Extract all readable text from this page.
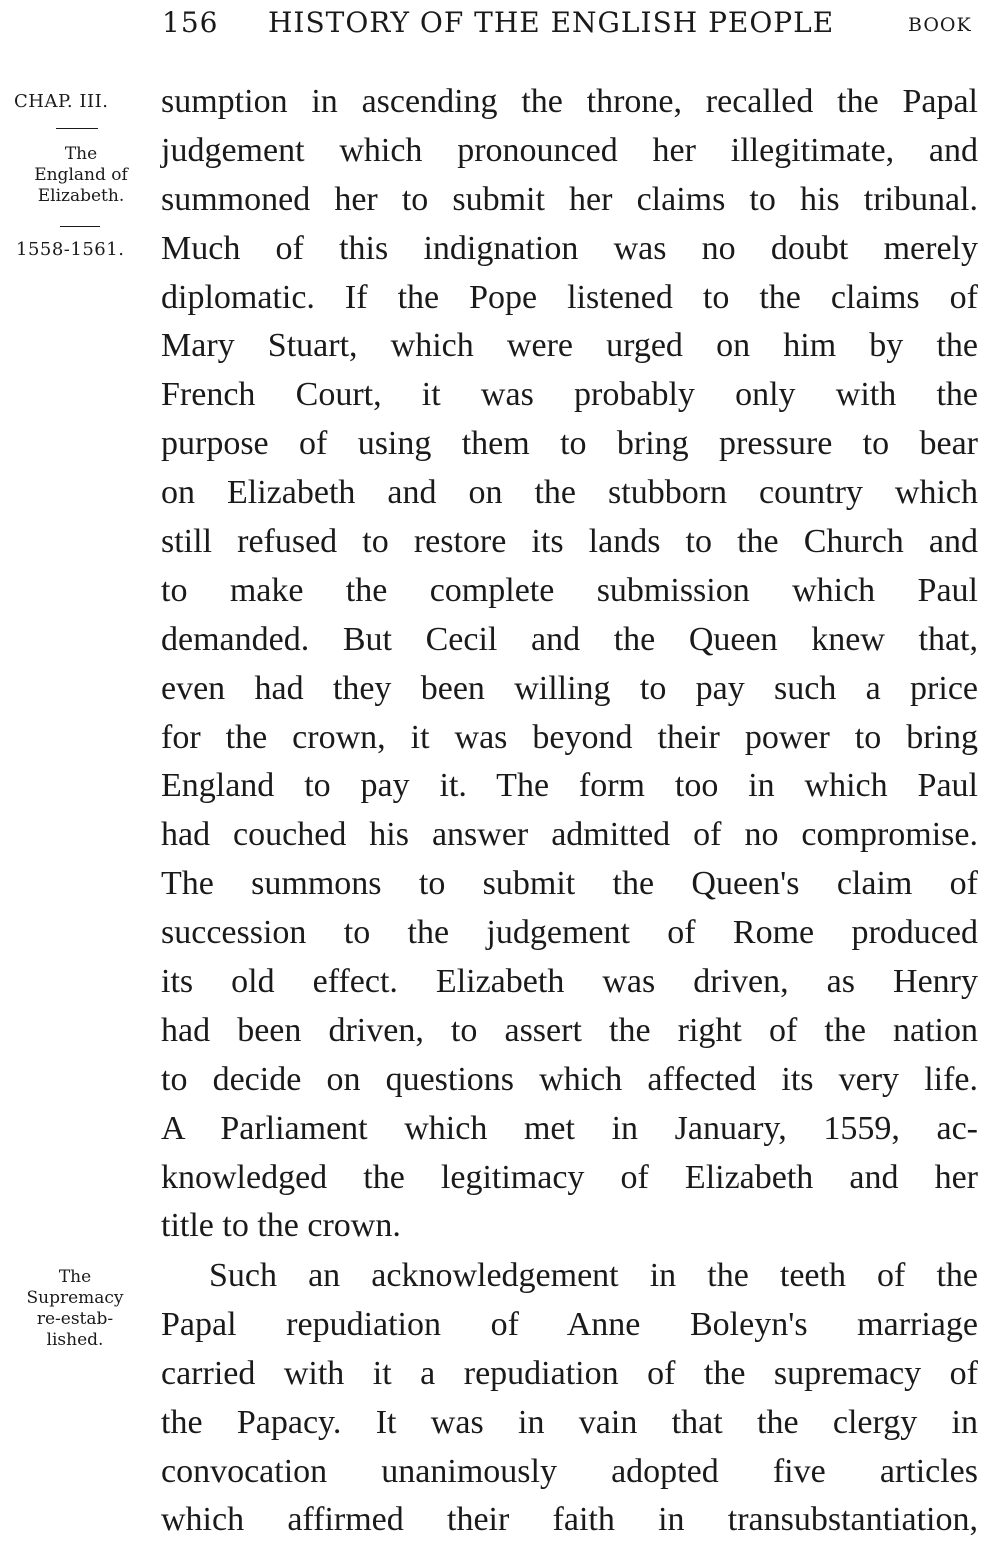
156 HISTORY OF THE ENGLISH PEOPLE	BOOK
CHAP. III.
The
England of
Elizabeth.
1558-1561.
The
Supremacy
re-estab-
lished.
sumption in ascending the throne, recalled the Papal
judgement which pronounced her illegitimate, and
summoned her to submit her claims to his tribunal.
Much of this indignation was no doubt merely
diplomatic. If the Pope listened to the claims of
Mary Stuart, which were urged on him by the
French Court, it was probably only with the
purpose of using them to bring pressure to bear
on Elizabeth and on the stubborn country which
still refused to restore its lands to the Church and
to make the complete submission which Paul
demanded. But Cecil and the Queen knew that,
even had they been willing to pay such a price
for the crown, it was beyond their power to bring
England to pay it. The form too in which Paul
had couched his answer admitted of no compromise.
The summons to submit the Queen's claim of
succession to the judgement of Rome produced
its old effect. Elizabeth was driven, as Henry
had been driven, to assert the right of the nation
to decide on questions which affected its very life.
A Parliament which met in January, 1559, ac-
knowledged the legitimacy of Elizabeth and her
title to the crown.
Such an acknowledgement in the teeth of the
Papal repudiation of Anne Boleyn's marriage
carried with it a repudiation of the supremacy of
the Papacy. It was in vain that the clergy in
convocation unanimously adopted five articles
which affirmed their faith in transubstantiation,
